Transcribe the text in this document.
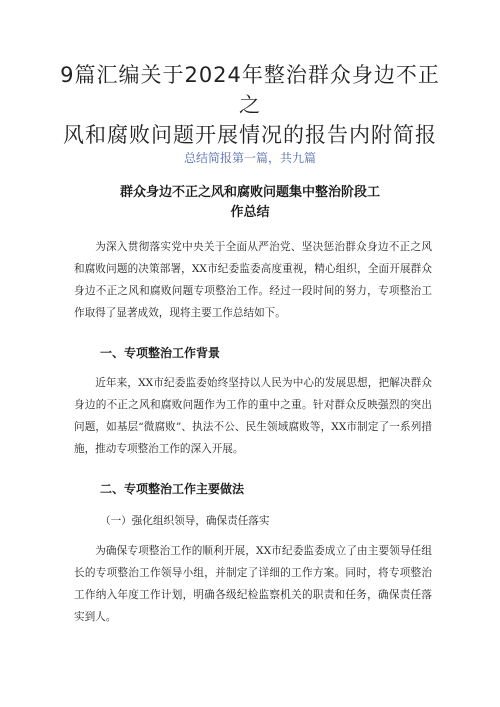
9篇汇编关于2024年整治群众身边不正之
风和腐败问题开展情况的报告内附简报

总结简报第一篇，共九篇

群众身边不正之风和腐败问题集中整治阶段工
作总结

为深入贯彻落实党中央关于全面从严治党、坚决惩治群众身边不正之风和腐败问题的决策部署，XX市纪委监委高度重视，精心组织，全面开展群众身边不正之风和腐败问题专项整治工作。经过一段时间的努力，专项整治工作取得了显著成效，现将主要工作总结如下。

一、专项整治工作背景

近年来，XX市纪委监委始终坚持以人民为中心的发展思想，把解决群众身边的不正之风和腐败问题作为工作的重中之重。针对群众反映强烈的突出问题，如基层“微腐败”、执法不公、民生领域腐败等，XX市制定了一系列措施，推动专项整治工作的深入开展。

二、专项整治工作主要做法

（一）强化组织领导，确保责任落实

为确保专项整治工作的顺利开展，XX市纪委监委成立了由主要领导任组长的专项整治工作领导小组，并制定了详细的工作方案。同时，将专项整治工作纳入年度工作计划，明确各级纪检监察机关的职责和任务，确保责任落实到人。
